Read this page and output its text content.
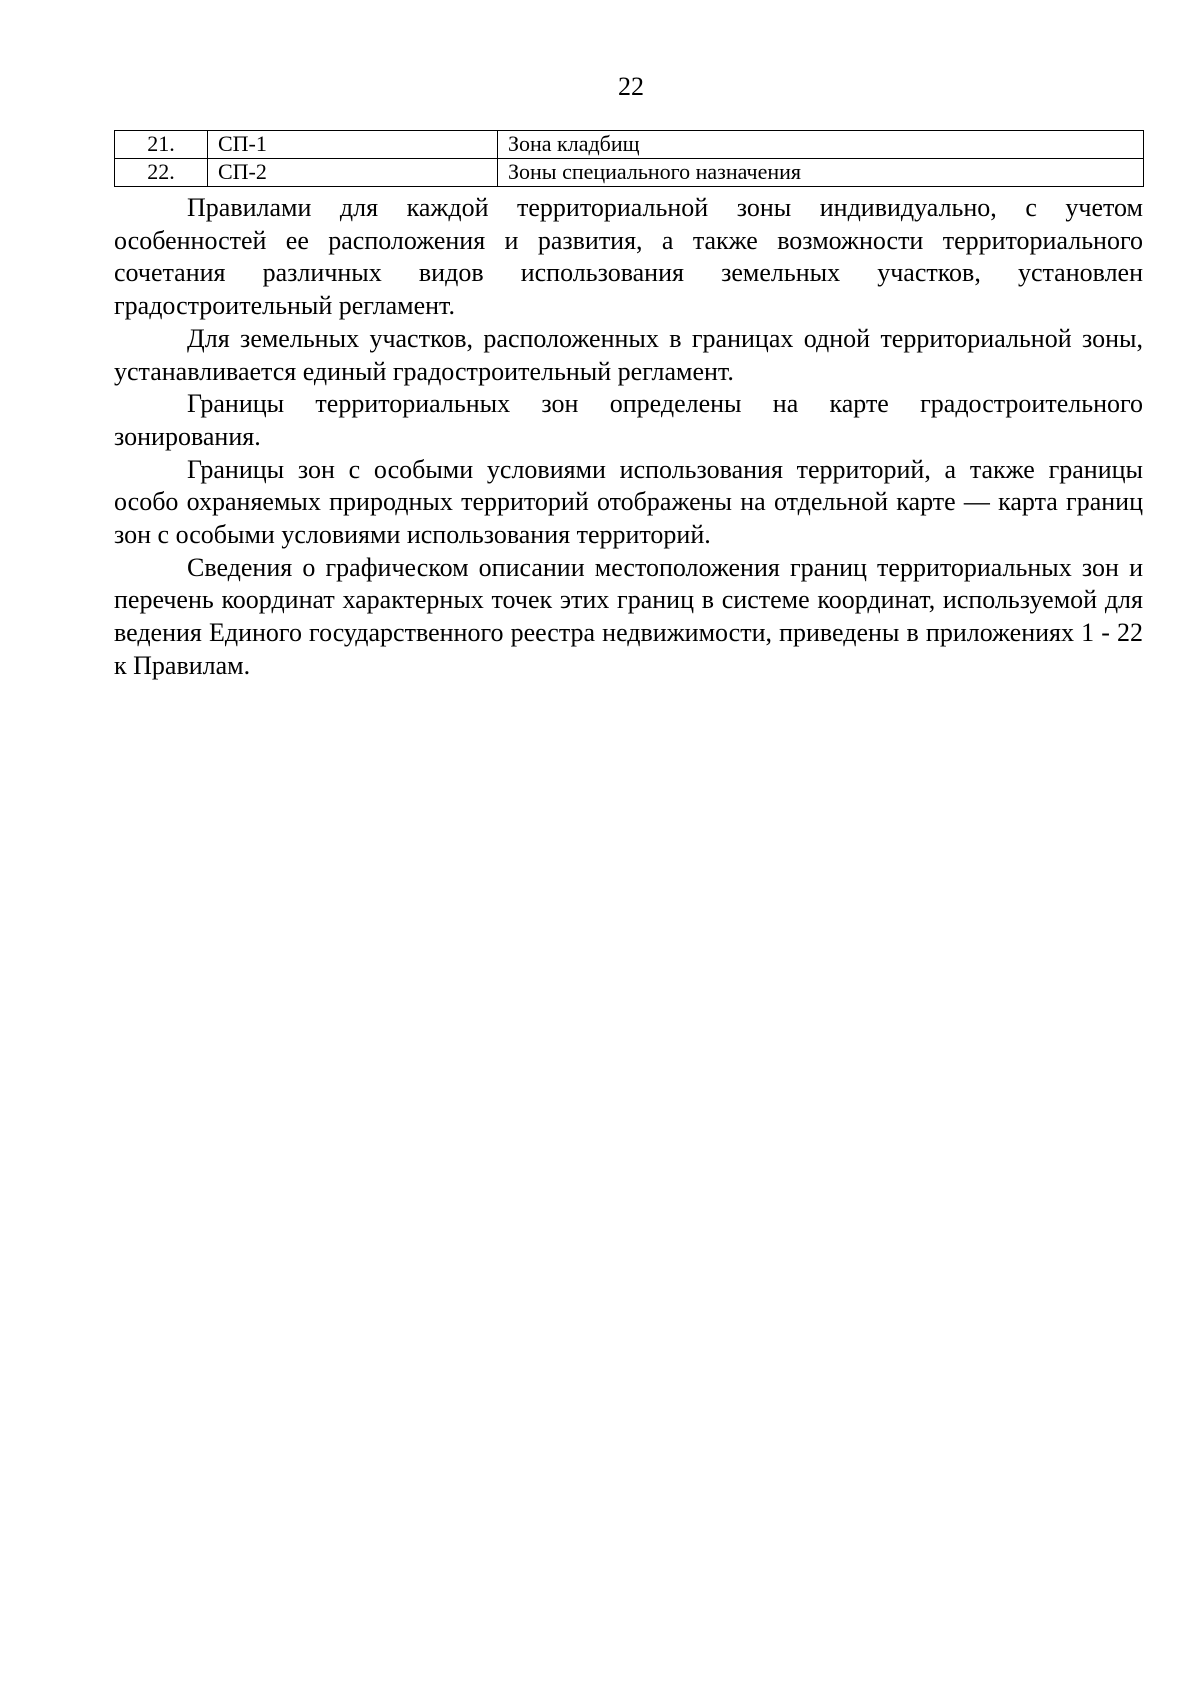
22
21.	СП-1	Зона кладбищ
22.	СП-2	Зоны специального назначения

Правилами для каждой территориальной зоны индивидуально, с учетом особенностей ее расположения и развития, а также возможности территориального сочетания различных видов использования земельных участков, установлен градостроительный регламент.

Для земельных участков, расположенных в границах одной территориальной зоны, устанавливается единый градостроительный регламент.

Границы территориальных зон определены на карте градостроительного зонирования.

Границы зон с особыми условиями использования территорий, а также границы особо охраняемых природных территорий отображены на отдельной карте — карта границ зон с особыми условиями использования территорий.

Сведения о графическом описании местоположения границ территориальных зон и перечень координат характерных точек этих границ в системе координат, используемой для ведения Единого государственного реестра недвижимости, приведены в приложениях 1 - 22 к Правилам.
